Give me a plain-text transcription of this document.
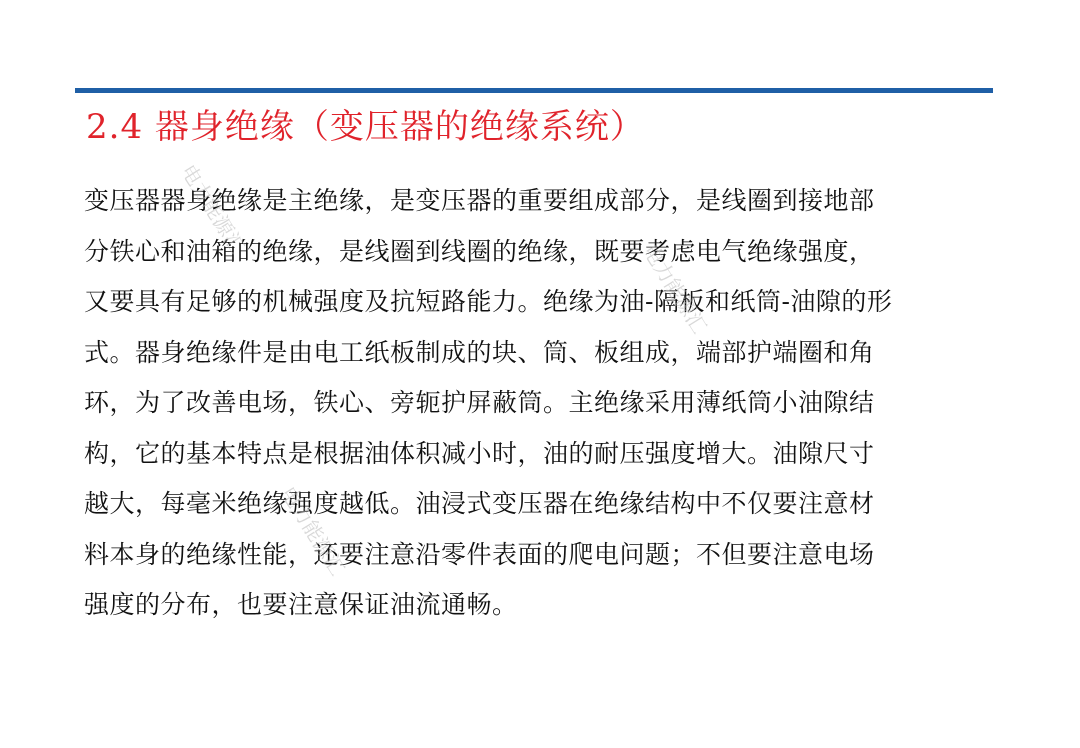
2.4 器身绝缘（变压器的绝缘系统）
变压器器身绝缘是主绝缘，是变压器的重要组成部分，是线圈到接地部
分铁心和油箱的绝缘，是线圈到线圈的绝缘，既要考虑电气绝缘强度，
又要具有足够的机械强度及抗短路能力。绝缘为油-隔板和纸筒-油隙的形
式。器身绝缘件是由电工纸板制成的块、筒、板组成，端部护端圈和角
环，为了改善电场，铁心、旁轭护屏蔽筒。主绝缘采用薄纸筒小油隙结
构，它的基本特点是根据油体积减小时，油的耐压强度增大。油隙尺寸
越大，每毫米绝缘强度越低。油浸式变压器在绝缘结构中不仅要注意材
料本身的绝缘性能，还要注意沿零件表面的爬电问题；不但要注意电场
强度的分布，也要注意保证油流通畅。
电力能源汇
电力能源汇
电力能源汇
